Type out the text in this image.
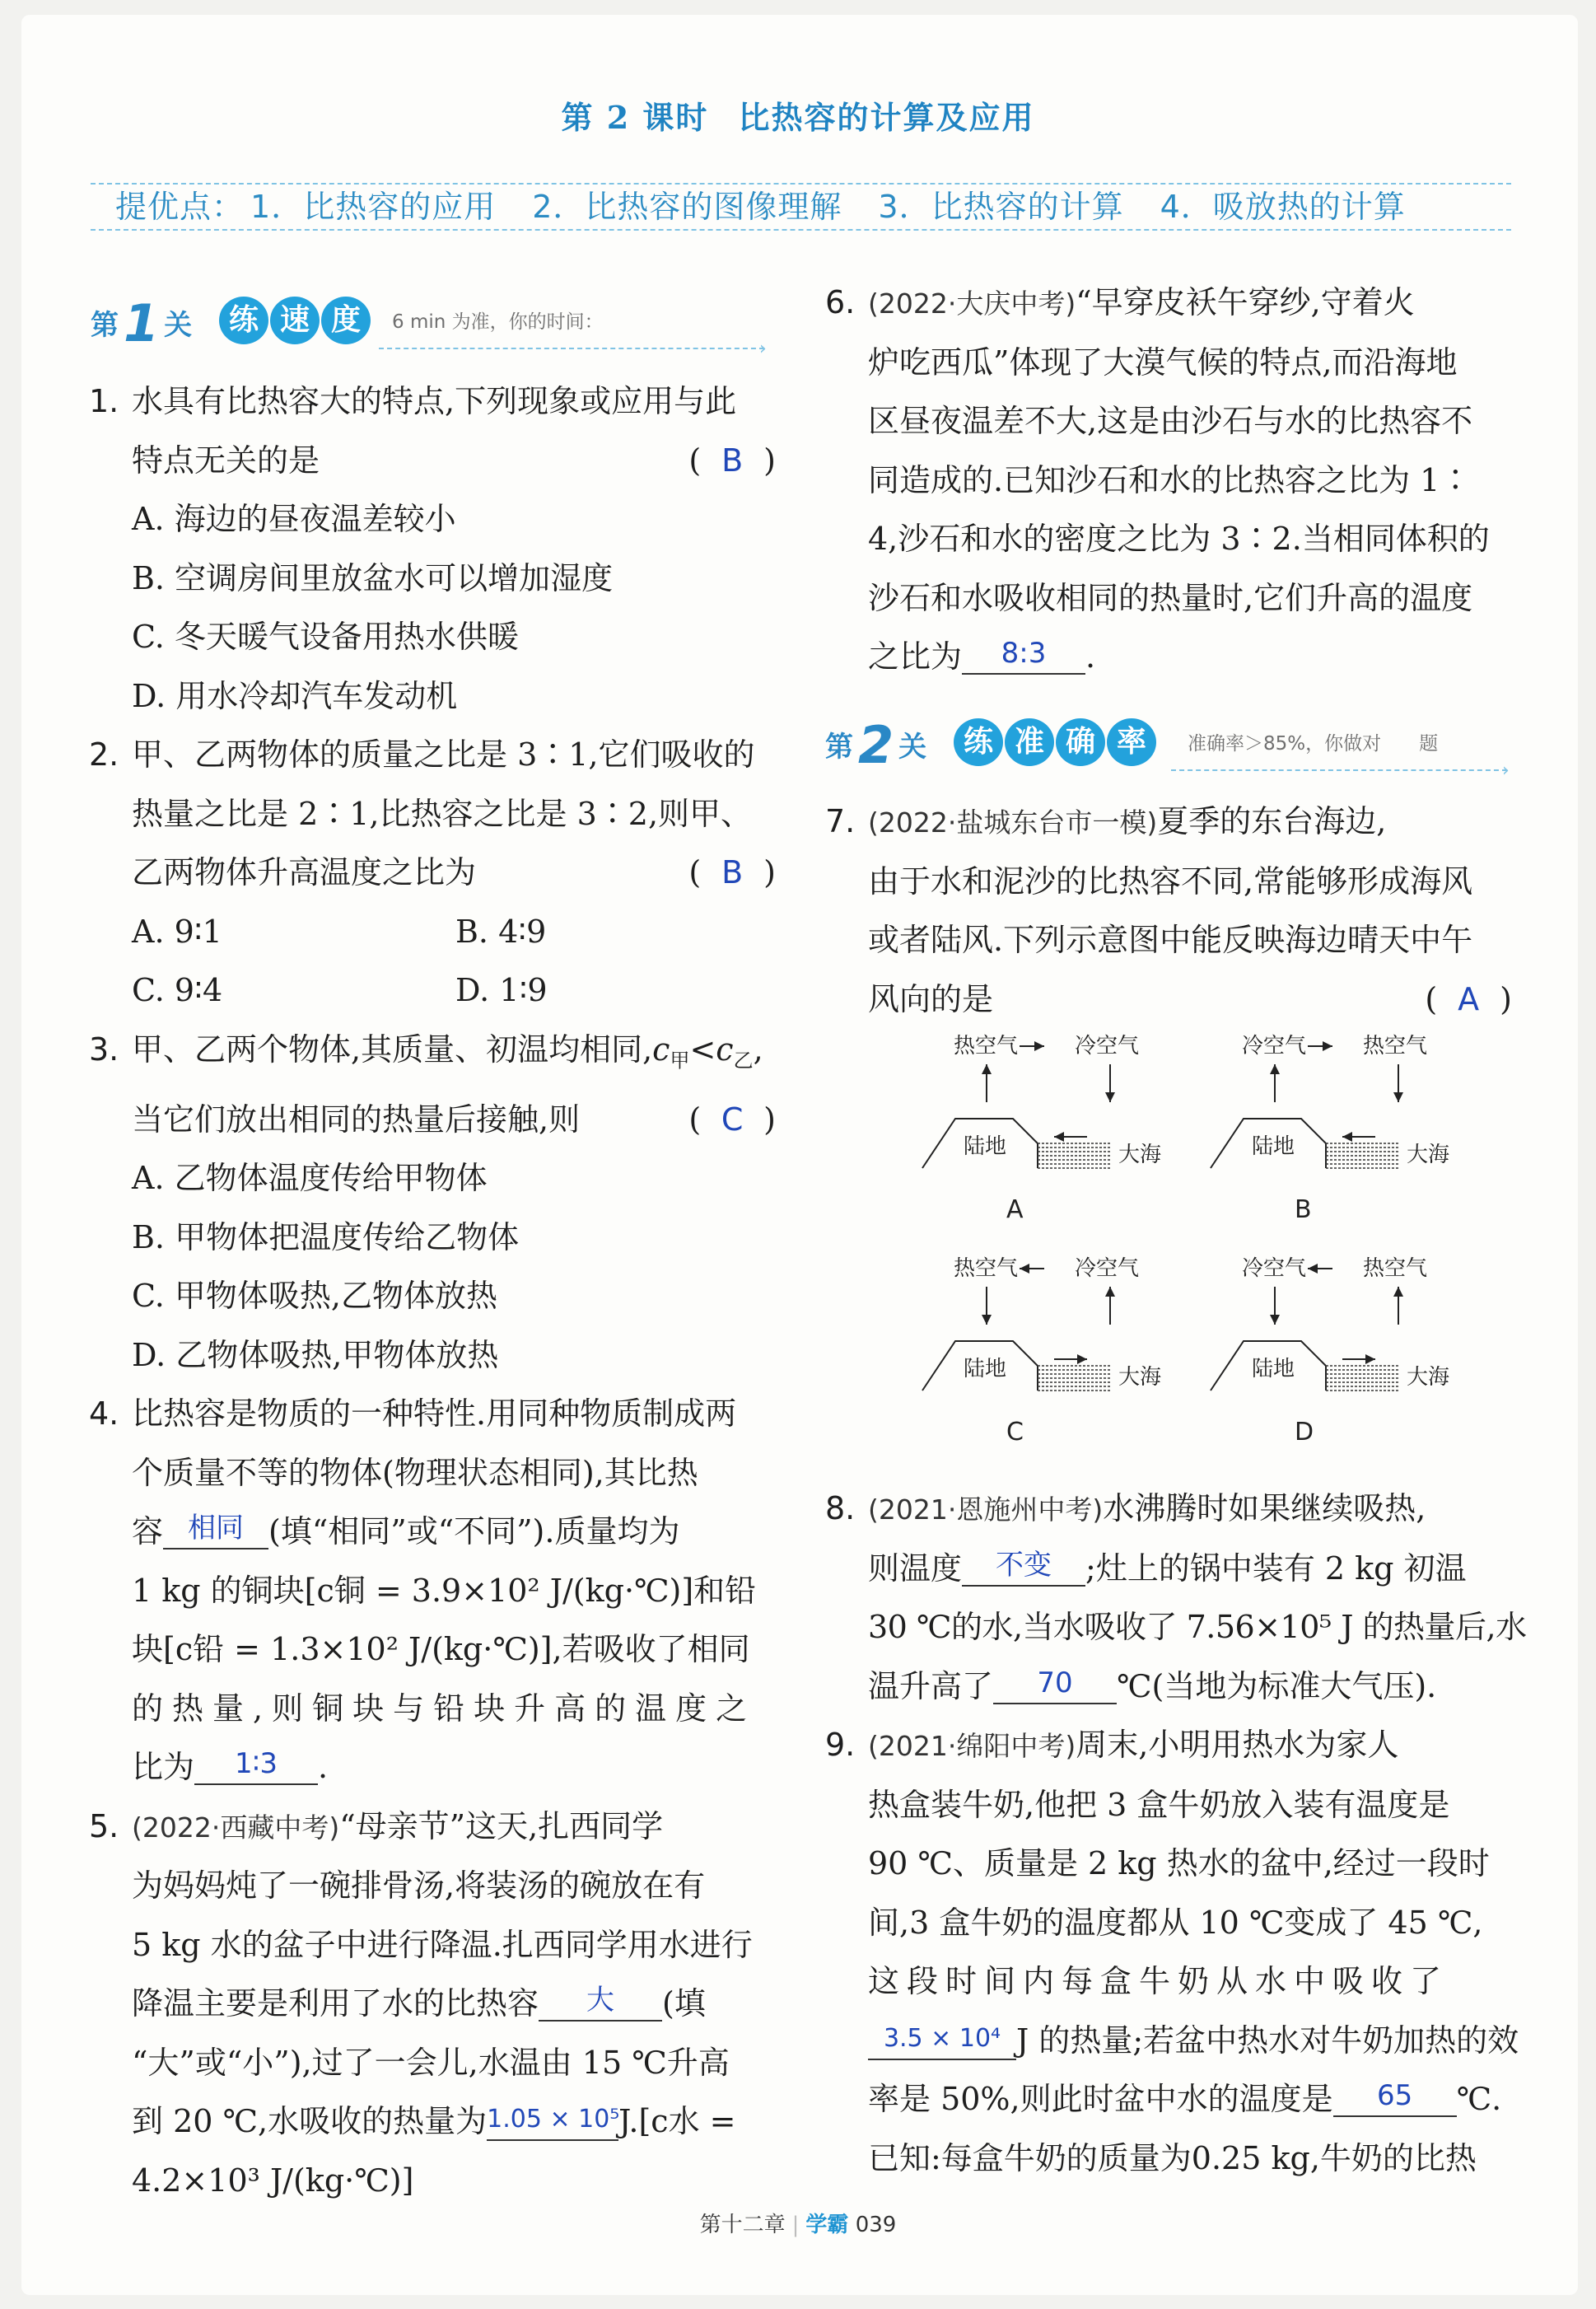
第 2 课时 比热容的计算及应用
提优点： 1．比热容的应用 2．比热容的图像理解 3．比热容的计算 4．吸放热的计算
第1 关	练 速 度	6 min 为准，你的时间：
›
第2 关	练 准 确 率	准确率＞85%，你做对　　题
›

1. 水具有比热容大的特点,下列现象或应用与此

特点无关的是	( B )

A. 海边的昼夜温差较小

B. 空调房间里放盆水可以增加湿度

C. 冬天暖气设备用热水供暖

D. 用水冷却汽车发动机

2. 甲、乙两物体的质量之比是 3∶1,它们吸收的

热量之比是 2∶1,比热容之比是 3∶2,则甲、

乙两物体升高温度之比为	( B )

A. 9∶1	B. 4∶9

C. 9∶4	D. 1∶9

3. 甲、乙两个物体,其质量、初温均相同$,c_甲<c_乙$,

当它们放出相同的热量后接触,则	( C )

A. 乙物体温度传给甲物体

B. 甲物体把温度传给乙物体

C. 甲物体吸热,乙物体放热

D. 乙物体吸热,甲物体放热

4. 比热容是物质的一种特性.用同种物质制成两

个质量不等的物体(物理状态相同),其比热

容 相同 (填“相同”或“不同”).质量均为

1 kg 的铜块[c铜 = 3.9×10² J/(kg·℃)]和铅

块[c铅 = 1.3×10² J/(kg·℃)],若吸收了相同

的热量,则铜块与铅块升高的温度之

比为 1∶3 .

5. (2022·西藏中考)“母亲节”这天,扎西同学

为妈妈炖了一碗排骨汤,将装汤的碗放在有

5 kg 水的盆子中进行降温.扎西同学用水进行

降温主要是利用了水的比热容 大 (填

“大”或“小”),过了一会儿,水温由 15 ℃升高

到 20 ℃,水吸收的热量为1.05 × 10⁵J.[c水 =

4.2×10³ J/(kg·℃)]

6. (2022·大庆中考)“早穿皮袄午穿纱,守着火

炉吃西瓜”体现了大漠气候的特点,而沿海地

区昼夜温差不大,这是由沙石与水的比热容不

同造成的.已知沙石和水的比热容之比为 1∶

4,沙石和水的密度之比为 3∶2.当相同体积的

沙石和水吸收相同的热量时,它们升高的温度

之比为 8:3 .

7. (2022·盐城东台市一模)夏季的东台海边,

由于水和泥沙的比热容不同,常能够形成海风

或者陆风.下列示意图中能反映海边晴天中午

风向的是	( A )

热空气	冷空气
陆地	大海
A
冷空气	热空气
陆地	大海
B
热空气	冷空气
陆地	大海
C
冷空气	热空气
陆地	大海
D

8. (2021·恩施州中考)水沸腾时如果继续吸热,

则温度 不变 ;灶上的锅中装有 2 kg 初温

30 ℃的水,当水吸收了 7.56×10⁵ J 的热量后,水

温升高了 70 ℃(当地为标准大气压).

9. (2021·绵阳中考)周末,小明用热水为家人

热盒装牛奶,他把 3 盒牛奶放入装有温度是

90 ℃、质量是 2 kg 热水的盆中,经过一段时

间,3 盒牛奶的温度都从 10 ℃变成了 45 ℃,

这段时间内每盒牛奶从水中吸收了

3.5 × 10⁴ J 的热量;若盆中热水对牛奶加热的效

率是 50%,则此时盆中水的温度是 65 ℃.

已知:每盒牛奶的质量为0.25 kg,牛奶的比热

第十二章 | 学霸 039
